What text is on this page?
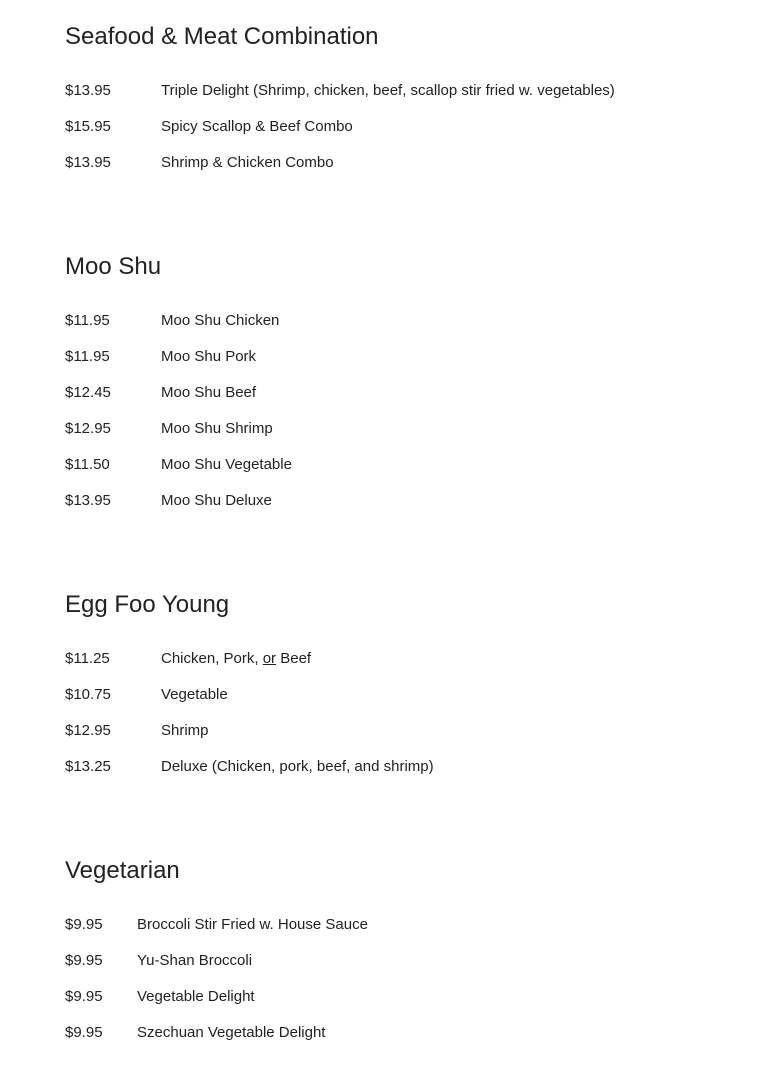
Seafood & Meat Combination
$13.95	Triple Delight (Shrimp, chicken, beef, scallop stir fried w. vegetables)
$15.95	Spicy Scallop & Beef Combo
$13.95	Shrimp & Chicken Combo
Moo Shu
$11.95	Moo Shu Chicken
$11.95	Moo Shu Pork
$12.45	Moo Shu Beef
$12.95	Moo Shu Shrimp
$11.50	Moo Shu Vegetable
$13.95	Moo Shu Deluxe
Egg Foo Young
$11.25	Chicken, Pork, or Beef
$10.75	Vegetable
$12.95	Shrimp
$13.25	Deluxe (Chicken, pork, beef, and shrimp)
Vegetarian
$9.95 Broccoli Stir Fried w. House Sauce
$9.95 Yu-Shan Broccoli
$9.95 Vegetable Delight
$9.95 Szechuan Vegetable Delight
